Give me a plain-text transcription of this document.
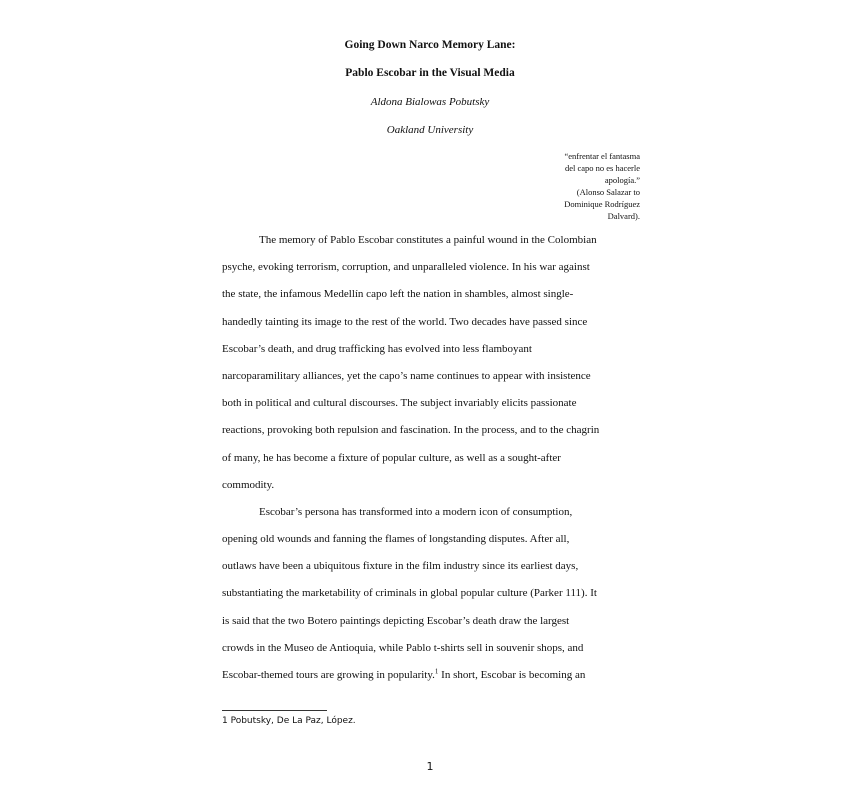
Going Down Narco Memory Lane:
Pablo Escobar in the Visual Media
Aldona Bialowas Pobutsky
Oakland University
“enfrentar el fantasma
del capo no es hacerle
apología.”
(Alonso Salazar to
Dominique Rodríguez
Dalvard).
The memory of Pablo Escobar constitutes a painful wound in the Colombian
psyche, evoking terrorism, corruption, and unparalleled violence. In his war against
the state, the infamous Medellín capo left the nation in shambles, almost single-
handedly tainting its image to the rest of the world. Two decades have passed since
Escobar’s death, and drug trafficking has evolved into less flamboyant
narcoparamilitary alliances, yet the capo’s name continues to appear with insistence
both in political and cultural discourses. The subject invariably elicits passionate
reactions, provoking both repulsion and fascination. In the process, and to the chagrin
of many, he has become a fixture of popular culture, as well as a sought-after
commodity.
Escobar’s persona has transformed into a modern icon of consumption,
opening old wounds and fanning the flames of longstanding disputes. After all,
outlaws have been a ubiquitous fixture in the film industry since its earliest days,
substantiating the marketability of criminals in global popular culture (Parker 111). It
is said that the two Botero paintings depicting Escobar’s death draw the largest
crowds in the Museo de Antioquia, while Pablo t-shirts sell in souvenir shops, and
Escobar-themed tours are growing in popularity.$^1$ In short, Escobar is becoming an
1 Pobutsky, De La Paz, López.
1
